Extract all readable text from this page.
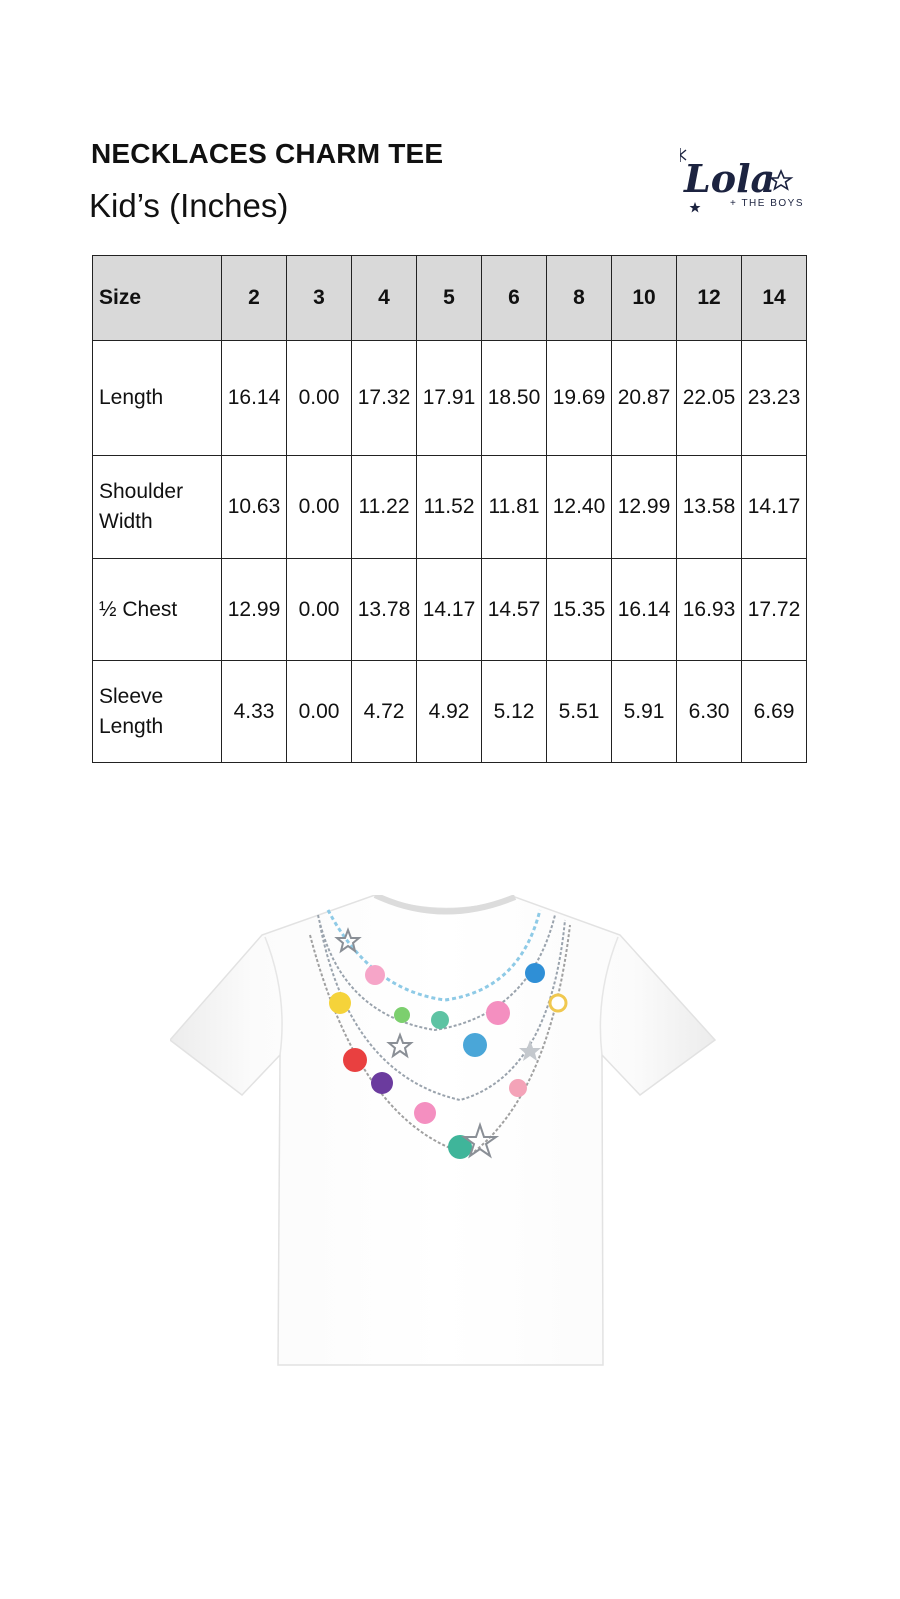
NECKLACES CHARM TEE
Kid’s (Inches)
Lola
+ THE BOYS
Size	2	3	4	5	6	8	10	12	14
Length	16.14	0.00	17.32	17.91	18.50	19.69	20.87	22.05	23.23
Shoulder
Width	10.63	0.00	11.22	11.52	11.81	12.40	12.99	13.58	14.17
½ Chest	12.99	0.00	13.78	14.17	14.57	15.35	16.14	16.93	17.72
Sleeve
Length	4.33	0.00	4.72	4.92	5.12	5.51	5.91	6.30	6.69
